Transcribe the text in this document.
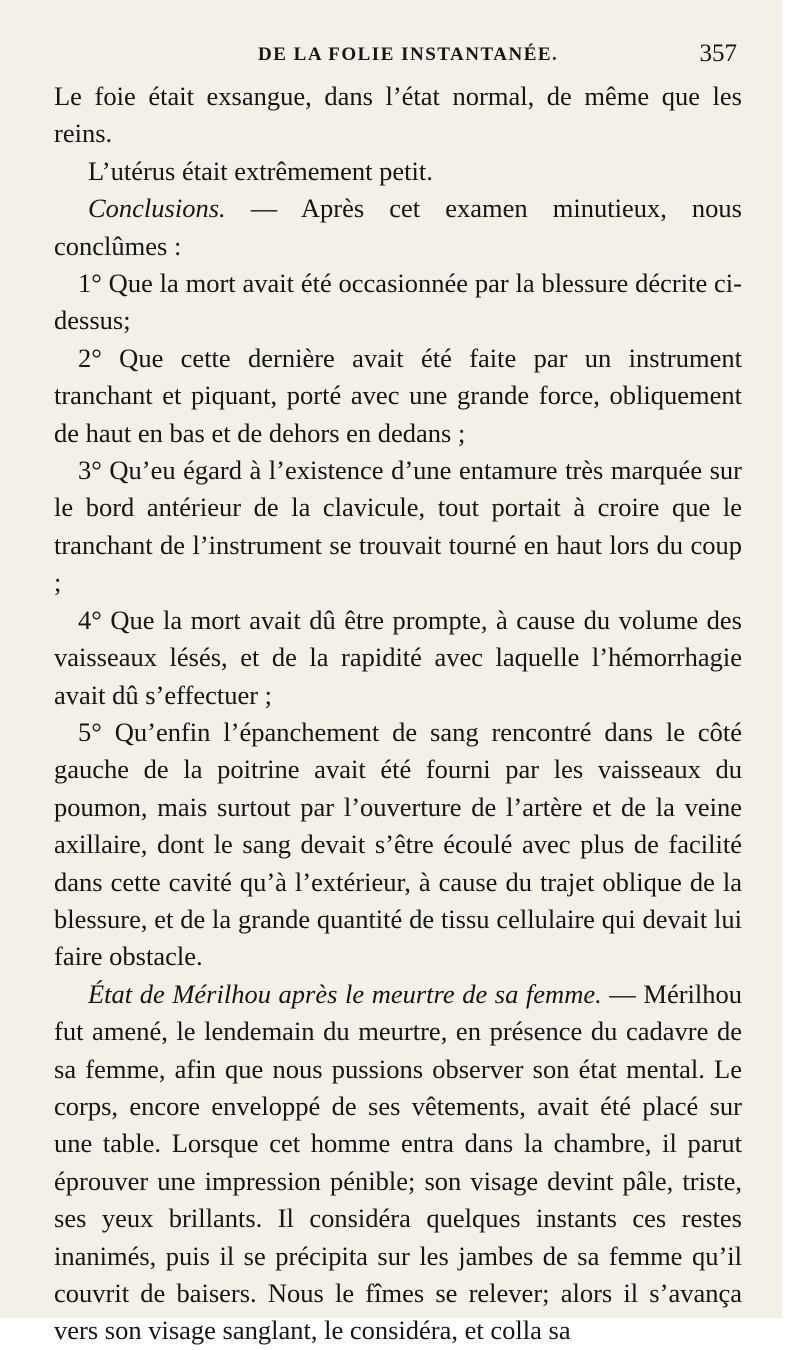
DE LA FOLIE INSTANTANÉE.	357

Le foie était exsangue, dans l’état normal, de même que les reins.

L’utérus était extrêmement petit.

Conclusions. — Après cet examen minutieux, nous conclûmes :

1° Que la mort avait été occasionnée par la blessure décrite ci-dessus;

2° Que cette dernière avait été faite par un instrument tranchant et piquant, porté avec une grande force, obliquement de haut en bas et de dehors en dedans ;

3° Qu’eu égard à l’existence d’une entamure très marquée sur le bord antérieur de la clavicule, tout portait à croire que le tranchant de l’instrument se trouvait tourné en haut lors du coup ;

4° Que la mort avait dû être prompte, à cause du volume des vaisseaux lésés, et de la rapidité avec laquelle l’hémorrhagie avait dû s’effectuer ;

5° Qu’enfin l’épanchement de sang rencontré dans le côté gauche de la poitrine avait été fourni par les vaisseaux du poumon, mais surtout par l’ouverture de l’artère et de la veine axillaire, dont le sang devait s’être écoulé avec plus de facilité dans cette cavité qu’à l’extérieur, à cause du trajet oblique de la blessure, et de la grande quantité de tissu cellulaire qui devait lui faire obstacle.

État de Mérilhou après le meurtre de sa femme. — Mérilhou fut amené, le lendemain du meurtre, en présence du cadavre de sa femme, afin que nous pussions observer son état mental. Le corps, encore enveloppé de ses vêtements, avait été placé sur une table. Lorsque cet homme entra dans la chambre, il parut éprouver une impression pénible; son visage devint pâle, triste, ses yeux brillants. Il considéra quelques instants ces restes inanimés, puis il se précipita sur les jambes de sa femme qu’il couvrit de baisers. Nous le fîmes se relever; alors il s’avança vers son visage sanglant, le considéra, et colla sa
